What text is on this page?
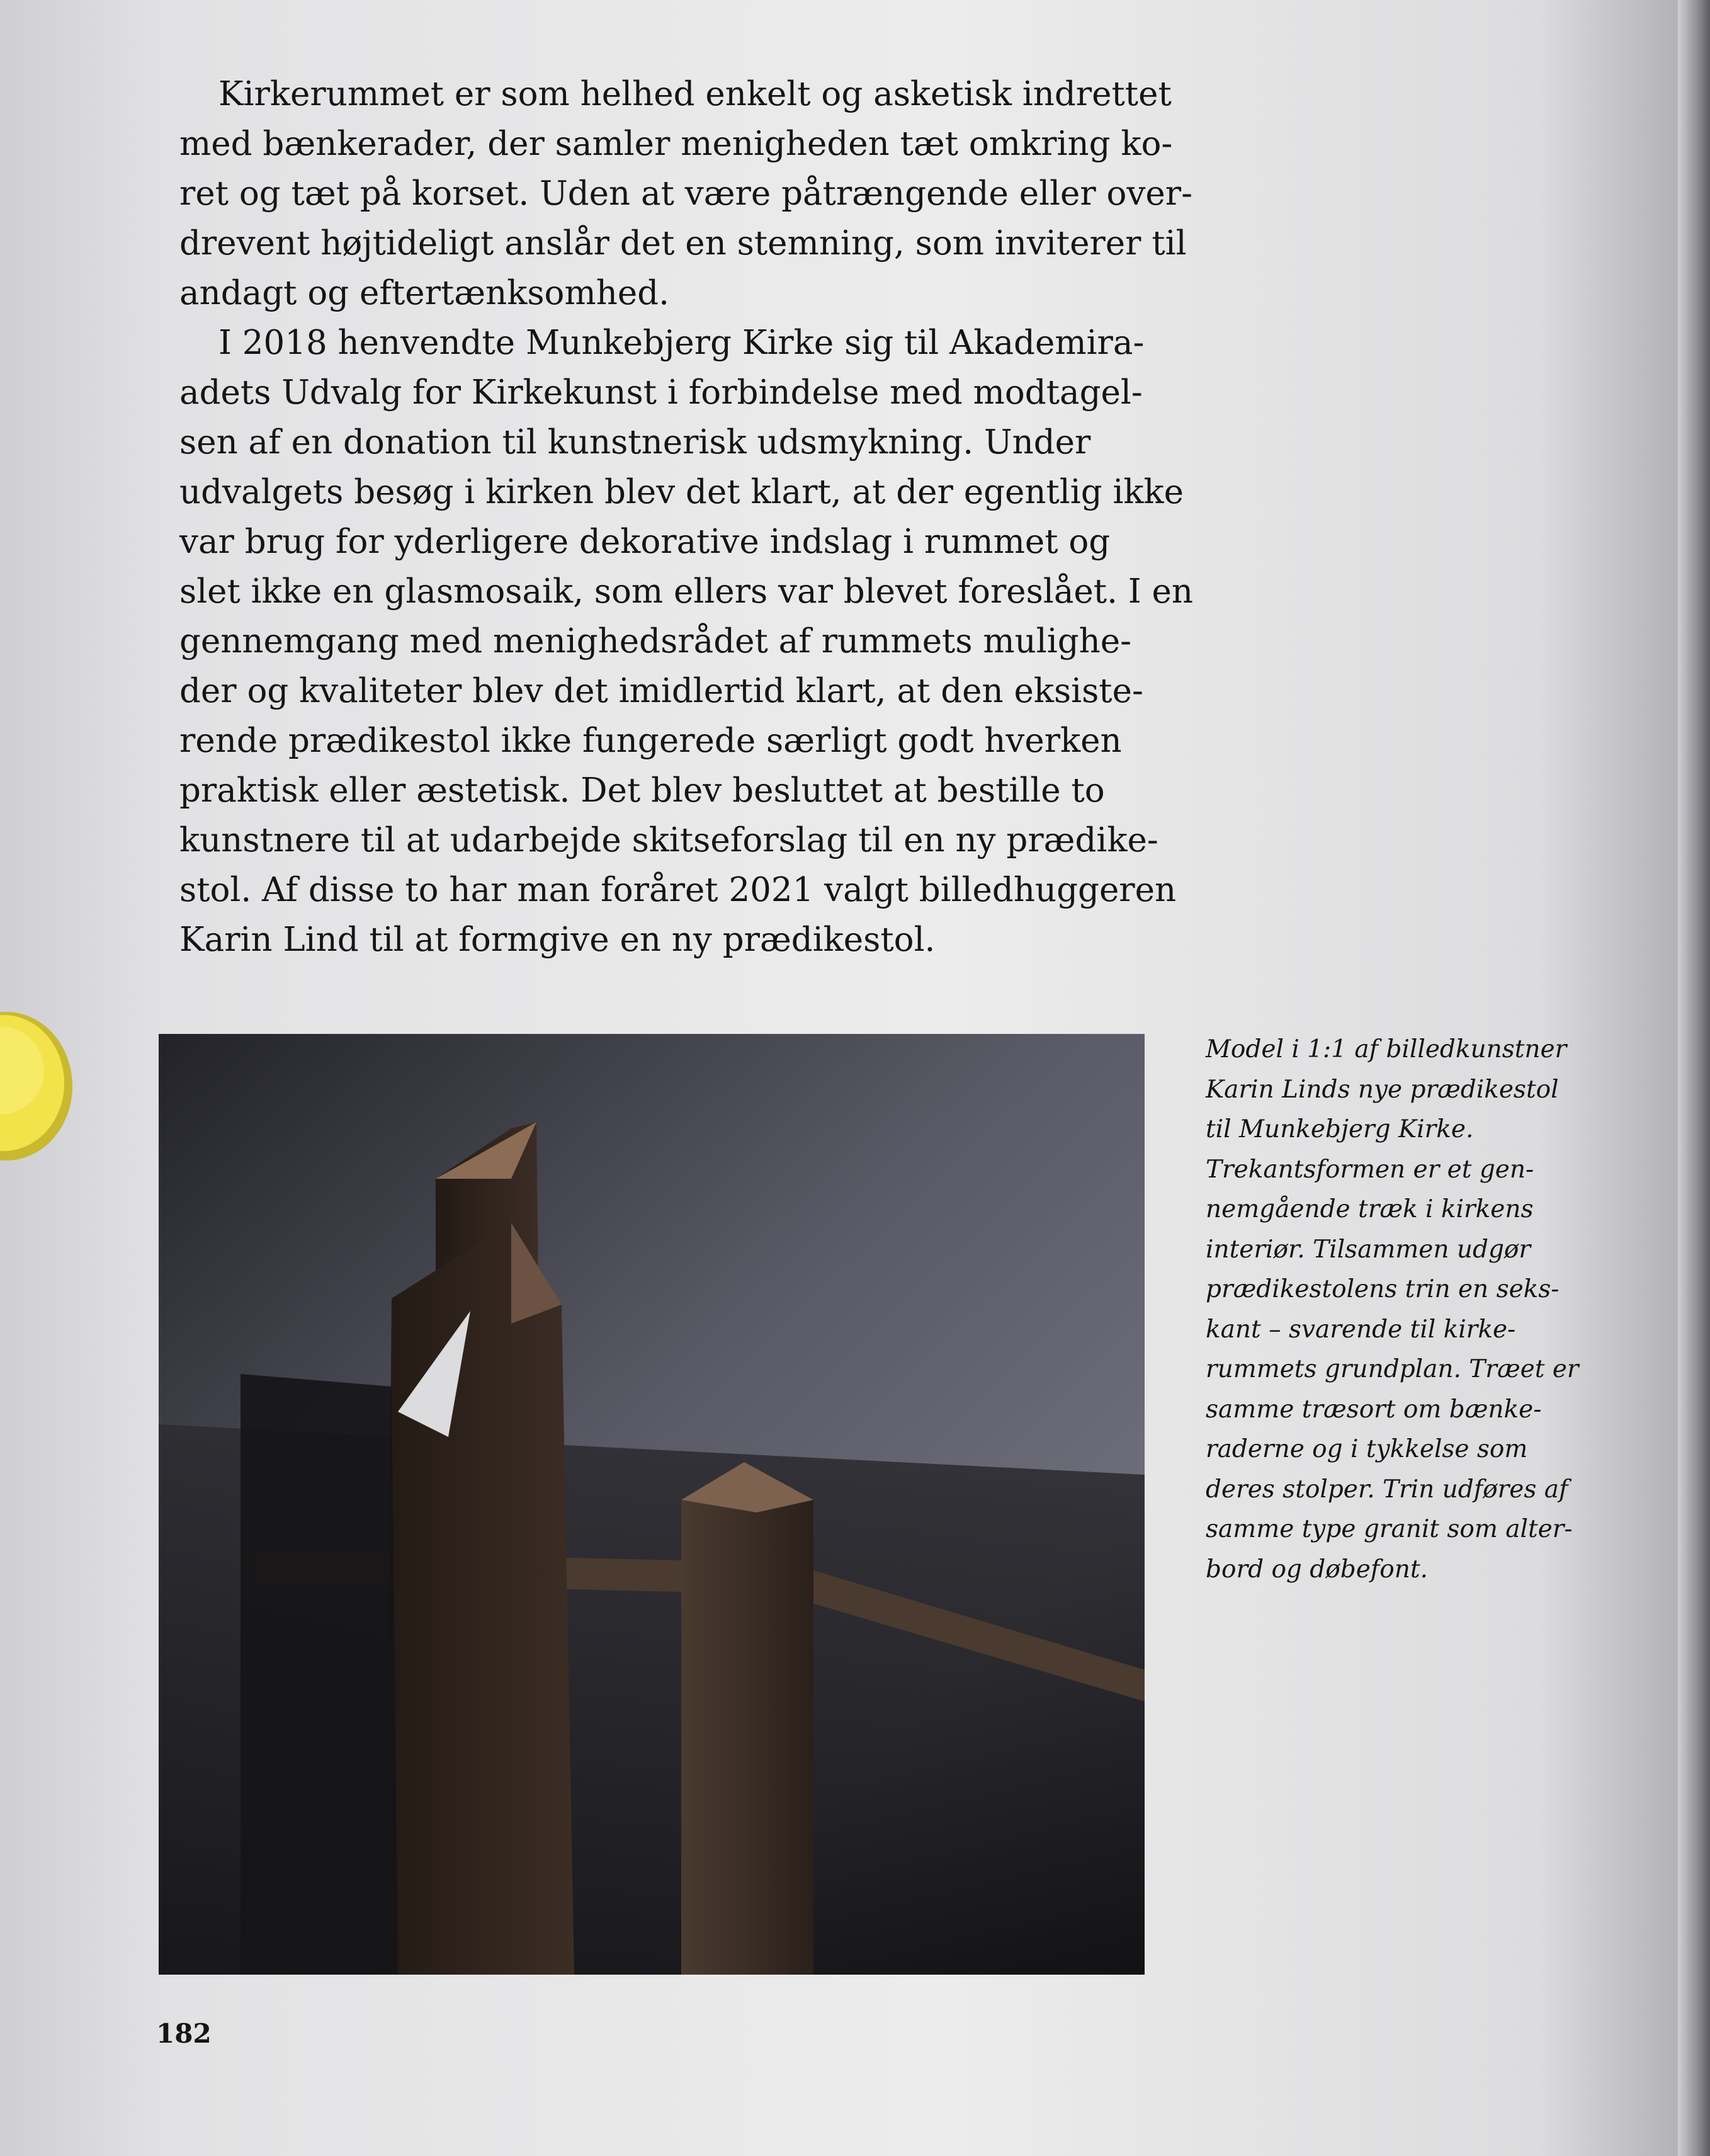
Kirkerummet er som helhed enkelt og asketisk indrettet
med bænkerader, der samler menigheden tæt omkring ko-
ret og tæt på korset. Uden at være påtrængende eller over-
drevent højtideligt anslår det en stemning, som inviterer til
andagt og eftertænksomhed.
I 2018 henvendte Munkebjerg Kirke sig til Akademira-
adets Udvalg for Kirkekunst i forbindelse med modtagel-
sen af en donation til kunstnerisk udsmykning. Under
udvalgets besøg i kirken blev det klart, at der egentlig ikke
var brug for yderligere dekorative indslag i rummet og
slet ikke en glasmosaik, som ellers var blevet foreslået. I en
gennemgang med menighedsrådet af rummets mulighe-
der og kvaliteter blev det imidlertid klart, at den eksiste-
rende prædikestol ikke fungerede særligt godt hverken
praktisk eller æstetisk. Det blev besluttet at bestille to
kunstnere til at udarbejde skitseforslag til en ny prædike-
stol. Af disse to har man foråret 2021 valgt billedhuggeren
Karin Lind til at formgive en ny prædikestol.
Model i 1:1 af billedkunstner
Karin Linds nye prædikestol
til Munkebjerg Kirke.
Trekantsformen er et gen-
nemgående træk i kirkens
interiør. Tilsammen udgør
prædikestolens trin en seks-
kant – svarende til kirke-
rummets grundplan. Træet er
samme træsort om bænke-
raderne og i tykkelse som
deres stolper. Trin udføres af
samme type granit som alter-
bord og døbefont.
182
